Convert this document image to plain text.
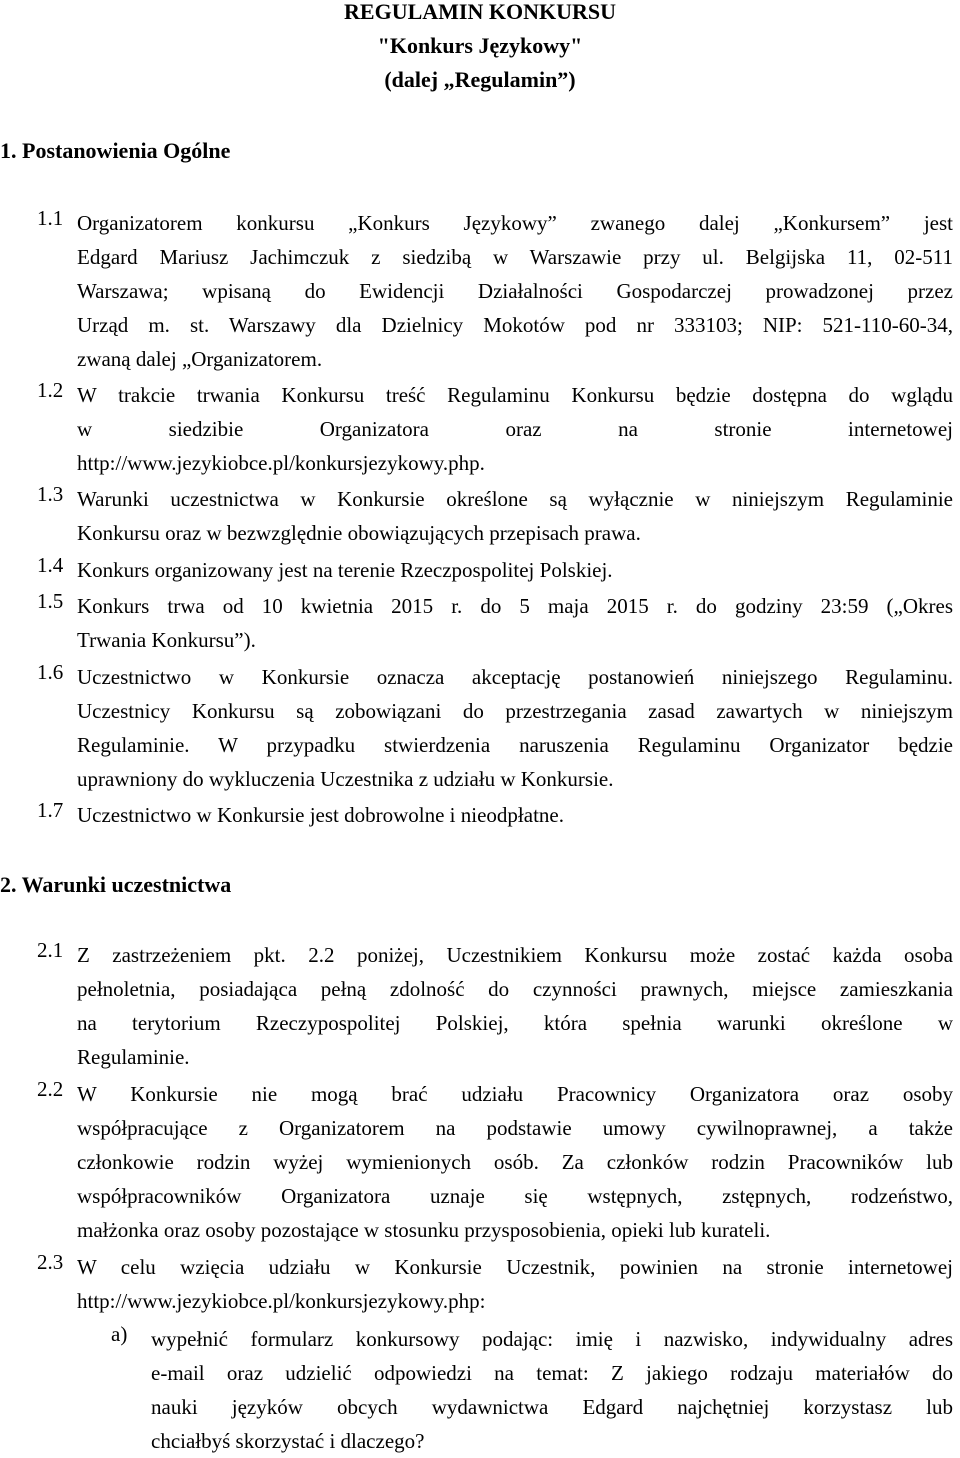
REGULAMIN KONKURSU
"Konkurs Językowy"
(dalej „Regulamin”)
1. Postanowienia Ogólne
1.1 Organizatorem konkursu „Konkurs Językowy” zwanego dalej „Konkursem” jest
Edgard Mariusz Jachimczuk z siedzibą w Warszawie przy ul. Belgijska 11, 02-511
Warszawa; wpisaną do Ewidencji Działalności Gospodarczej prowadzonej przez
Urząd m. st. Warszawy dla Dzielnicy Mokotów pod nr 333103; NIP: 521-110-60-34,
zwaną dalej „Organizatorem.
1.2 W trakcie trwania Konkursu treść Regulaminu Konkursu będzie dostępna do wglądu
w siedzibie Organizatora oraz na stronie internetowej
http://www.jezykiobce.pl/konkursjezykowy.php.
1.3 Warunki uczestnictwa w Konkursie określone są wyłącznie w niniejszym Regulaminie
Konkursu oraz w bezwzględnie obowiązujących przepisach prawa.
1.4 Konkurs organizowany jest na terenie Rzeczpospolitej Polskiej.
1.5 Konkurs trwa od 10 kwietnia 2015 r. do 5 maja 2015 r. do godziny 23:59 („Okres
Trwania Konkursu”).
1.6 Uczestnictwo w Konkursie oznacza akceptację postanowień niniejszego Regulaminu.
Uczestnicy Konkursu są zobowiązani do przestrzegania zasad zawartych w niniejszym
Regulaminie. W przypadku stwierdzenia naruszenia Regulaminu Organizator będzie
uprawniony do wykluczenia Uczestnika z udziału w Konkursie.
1.7 Uczestnictwo w Konkursie jest dobrowolne i nieodpłatne.
2. Warunki uczestnictwa
2.1 Z zastrzeżeniem pkt. 2.2 poniżej, Uczestnikiem Konkursu może zostać każda osoba
pełnoletnia, posiadająca pełną zdolność do czynności prawnych, miejsce zamieszkania
na terytorium Rzeczypospolitej Polskiej, która spełnia warunki określone w
Regulaminie.
2.2 W Konkursie nie mogą brać udziału Pracownicy Organizatora oraz osoby
współpracujące z Organizatorem na podstawie umowy cywilnoprawnej, a także
członkowie rodzin wyżej wymienionych osób. Za członków rodzin Pracowników lub
współpracowników Organizatora uznaje się wstępnych, zstępnych, rodzeństwo,
małżonka oraz osoby pozostające w stosunku przysposobienia, opieki lub kurateli.
2.3 W celu wzięcia udziału w Konkursie Uczestnik, powinien na stronie internetowej
http://www.jezykiobce.pl/konkursjezykowy.php:
a) wypełnić formularz konkursowy podając: imię i nazwisko, indywidualny adres
e-mail oraz udzielić odpowiedzi na temat: Z jakiego rodzaju materiałów do
nauki języków obcych wydawnictwa Edgard najchętniej korzystasz lub
chciałbyś skorzystać i dlaczego?
